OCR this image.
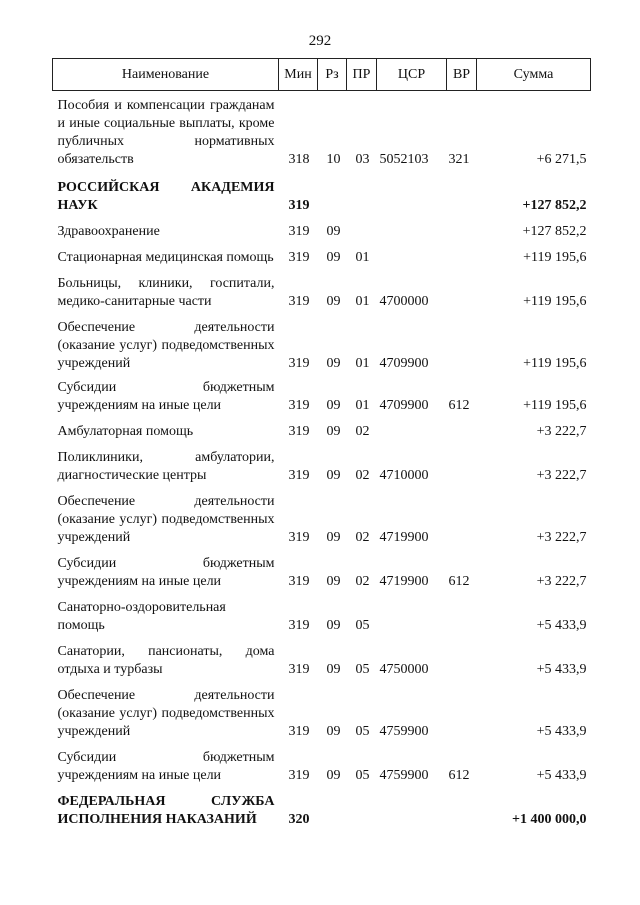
292
Наименование	Мин	Рз	ПР	ЦСР	ВР	Сумма

Пособия и компенсации гражданам и иные социальные выплаты, кроме публичных нормативных обязательств	318	10	03	5052103	321	+6 271,5

РОССИЙСКАЯ АКАДЕМИЯ НАУК	319					+127 852,2

Здравоохранение	319	09				+127 852,2

Стационарная медицинская помощь	319	09	01			+119 195,6

Больницы, клиники, госпитали, медико-санитарные части	319	09	01	4700000		+119 195,6

Обеспечение деятельности (оказание услуг) подведомственных учреждений	319	09	01	4709900		+119 195,6

Субсидии бюджетным учреждениям на иные цели	319	09	01	4709900	612	+119 195,6

Амбулаторная помощь	319	09	02			+3 222,7

Поликлиники, амбулатории, диагностические центры	319	09	02	4710000		+3 222,7

Обеспечение деятельности (оказание услуг) подведомственных учреждений	319	09	02	4719900		+3 222,7

Субсидии бюджетным учреждениям на иные цели	319	09	02	4719900	612	+3 222,7

Санаторно-оздоровительная помощь	319	09	05			+5 433,9

Санатории, пансионаты, дома отдыха и турбазы	319	09	05	4750000		+5 433,9

Обеспечение деятельности (оказание услуг) подведомственных учреждений	319	09	05	4759900		+5 433,9

Субсидии бюджетным учреждениям на иные цели	319	09	05	4759900	612	+5 433,9

ФЕДЕРАЛЬНАЯ СЛУЖБА ИСПОЛНЕНИЯ НАКАЗАНИЙ	320					+1 400 000,0
